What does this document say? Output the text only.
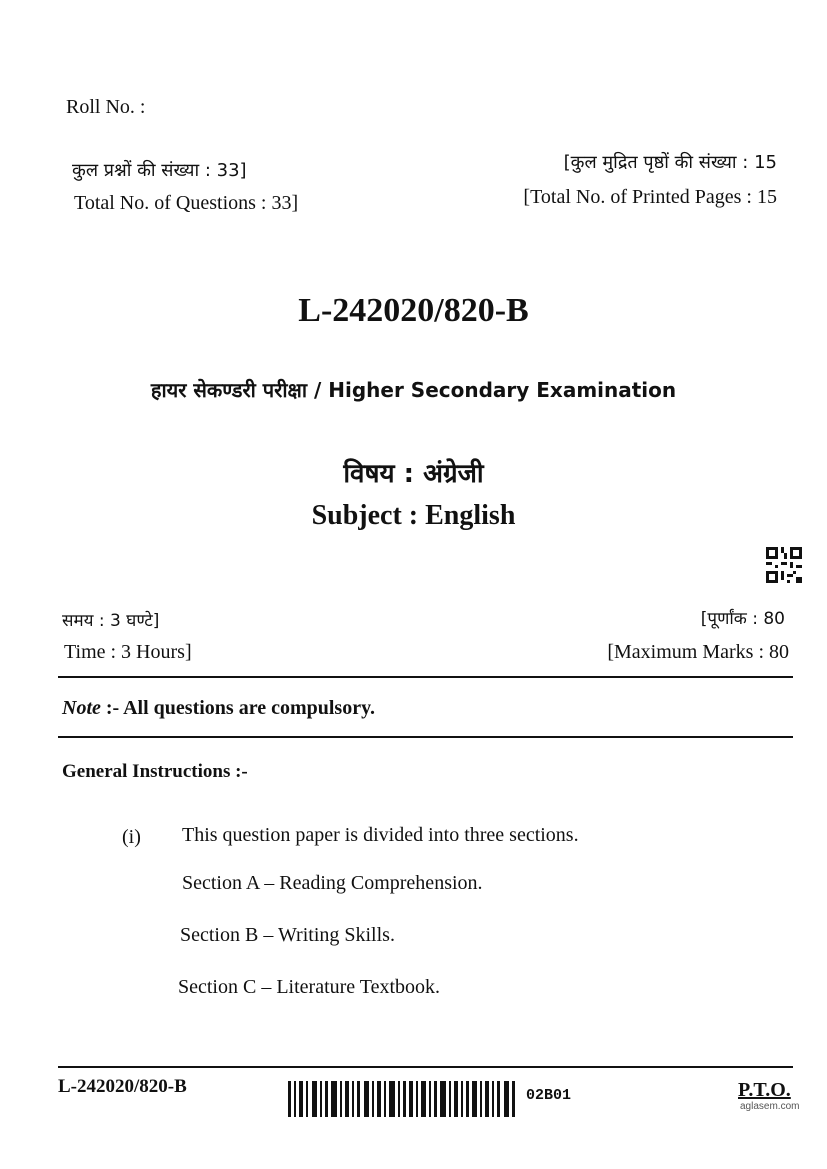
Roll No. :
कुल प्रश्नों की संख्या : 33]
Total No. of Questions : 33]
[कुल मुद्रित पृष्ठों की संख्या : 15
[Total No. of Printed Pages : 15
L-242020/820-B
हायर सेकण्डरी परीक्षा / Higher Secondary Examination
विषय : अंग्रेजी
Subject : English
समय : 3 घण्टे]
Time : 3 Hours]
[पूर्णांक : 80
[Maximum Marks : 80
Note :- All questions are compulsory.
General Instructions :-
(i) This question paper is divided into three sections.
Section A – Reading Comprehension.
Section B – Writing Skills.
Section C – Literature Textbook.
L-242020/820-B	02B01	P.T.O.
aglasem.com
